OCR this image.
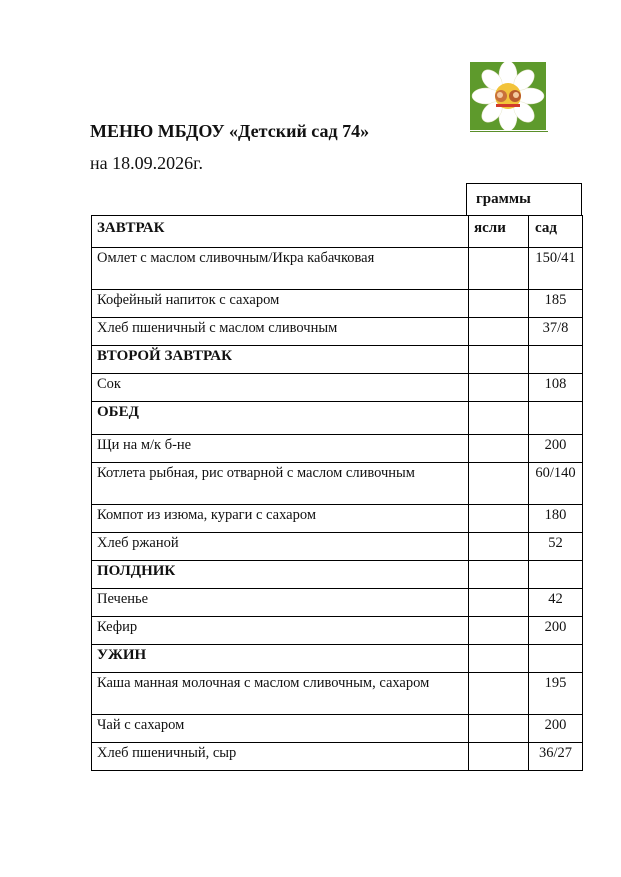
МЕНЮ МБДОУ «Детский сад 74»
на 18.09.2026г.
граммы
ЗАВТРАК	ясли	сад
Омлет с маслом сливочным/Икра кабачковая		150/41
Кофейный напиток с сахаром		185
Хлеб пшеничный с маслом сливочным		37/8
ВТОРОЙ ЗАВТРАК		
Сок		108
ОБЕД		
Щи на м/к б-не		200
Котлета рыбная, рис отварной с маслом сливочным		60/140
Компот из изюма, кураги с сахаром		180
Хлеб ржаной		52
ПОЛДНИК		
Печенье		42
Кефир		200
УЖИН		
Каша манная молочная с маслом сливочным, сахаром		195
Чай с сахаром		200
Хлеб пшеничный, сыр		36/27
